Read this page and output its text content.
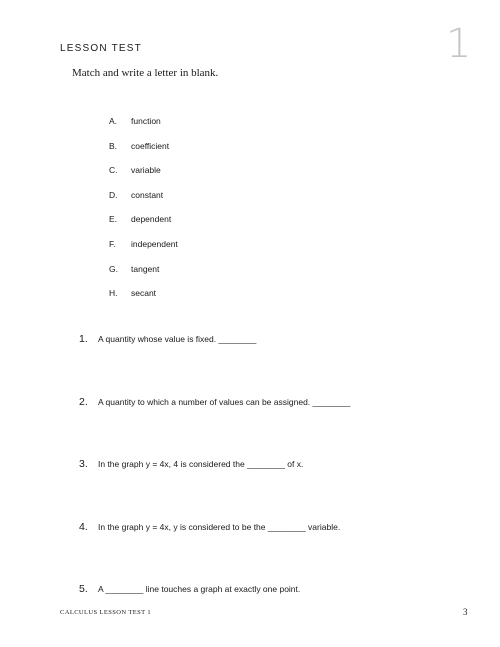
LESSON TEST	1
Match and write a letter in blank.
A.	function
B.	coefficient
C.	variable
D.	constant
E.	dependent
F.	independent
G.	tangent
H.	secant
1.	A quantity whose value is fixed. ________
2.	A quantity to which a number of values can be assigned. ________
3.	In the graph y = 4x, 4 is considered the ________ of x.
4.	In the graph y = 4x, y is considered to be the ________ variable.
5.	A ________ line touches a graph at exactly one point.
CALCULUS LESSON TEST 1	3
